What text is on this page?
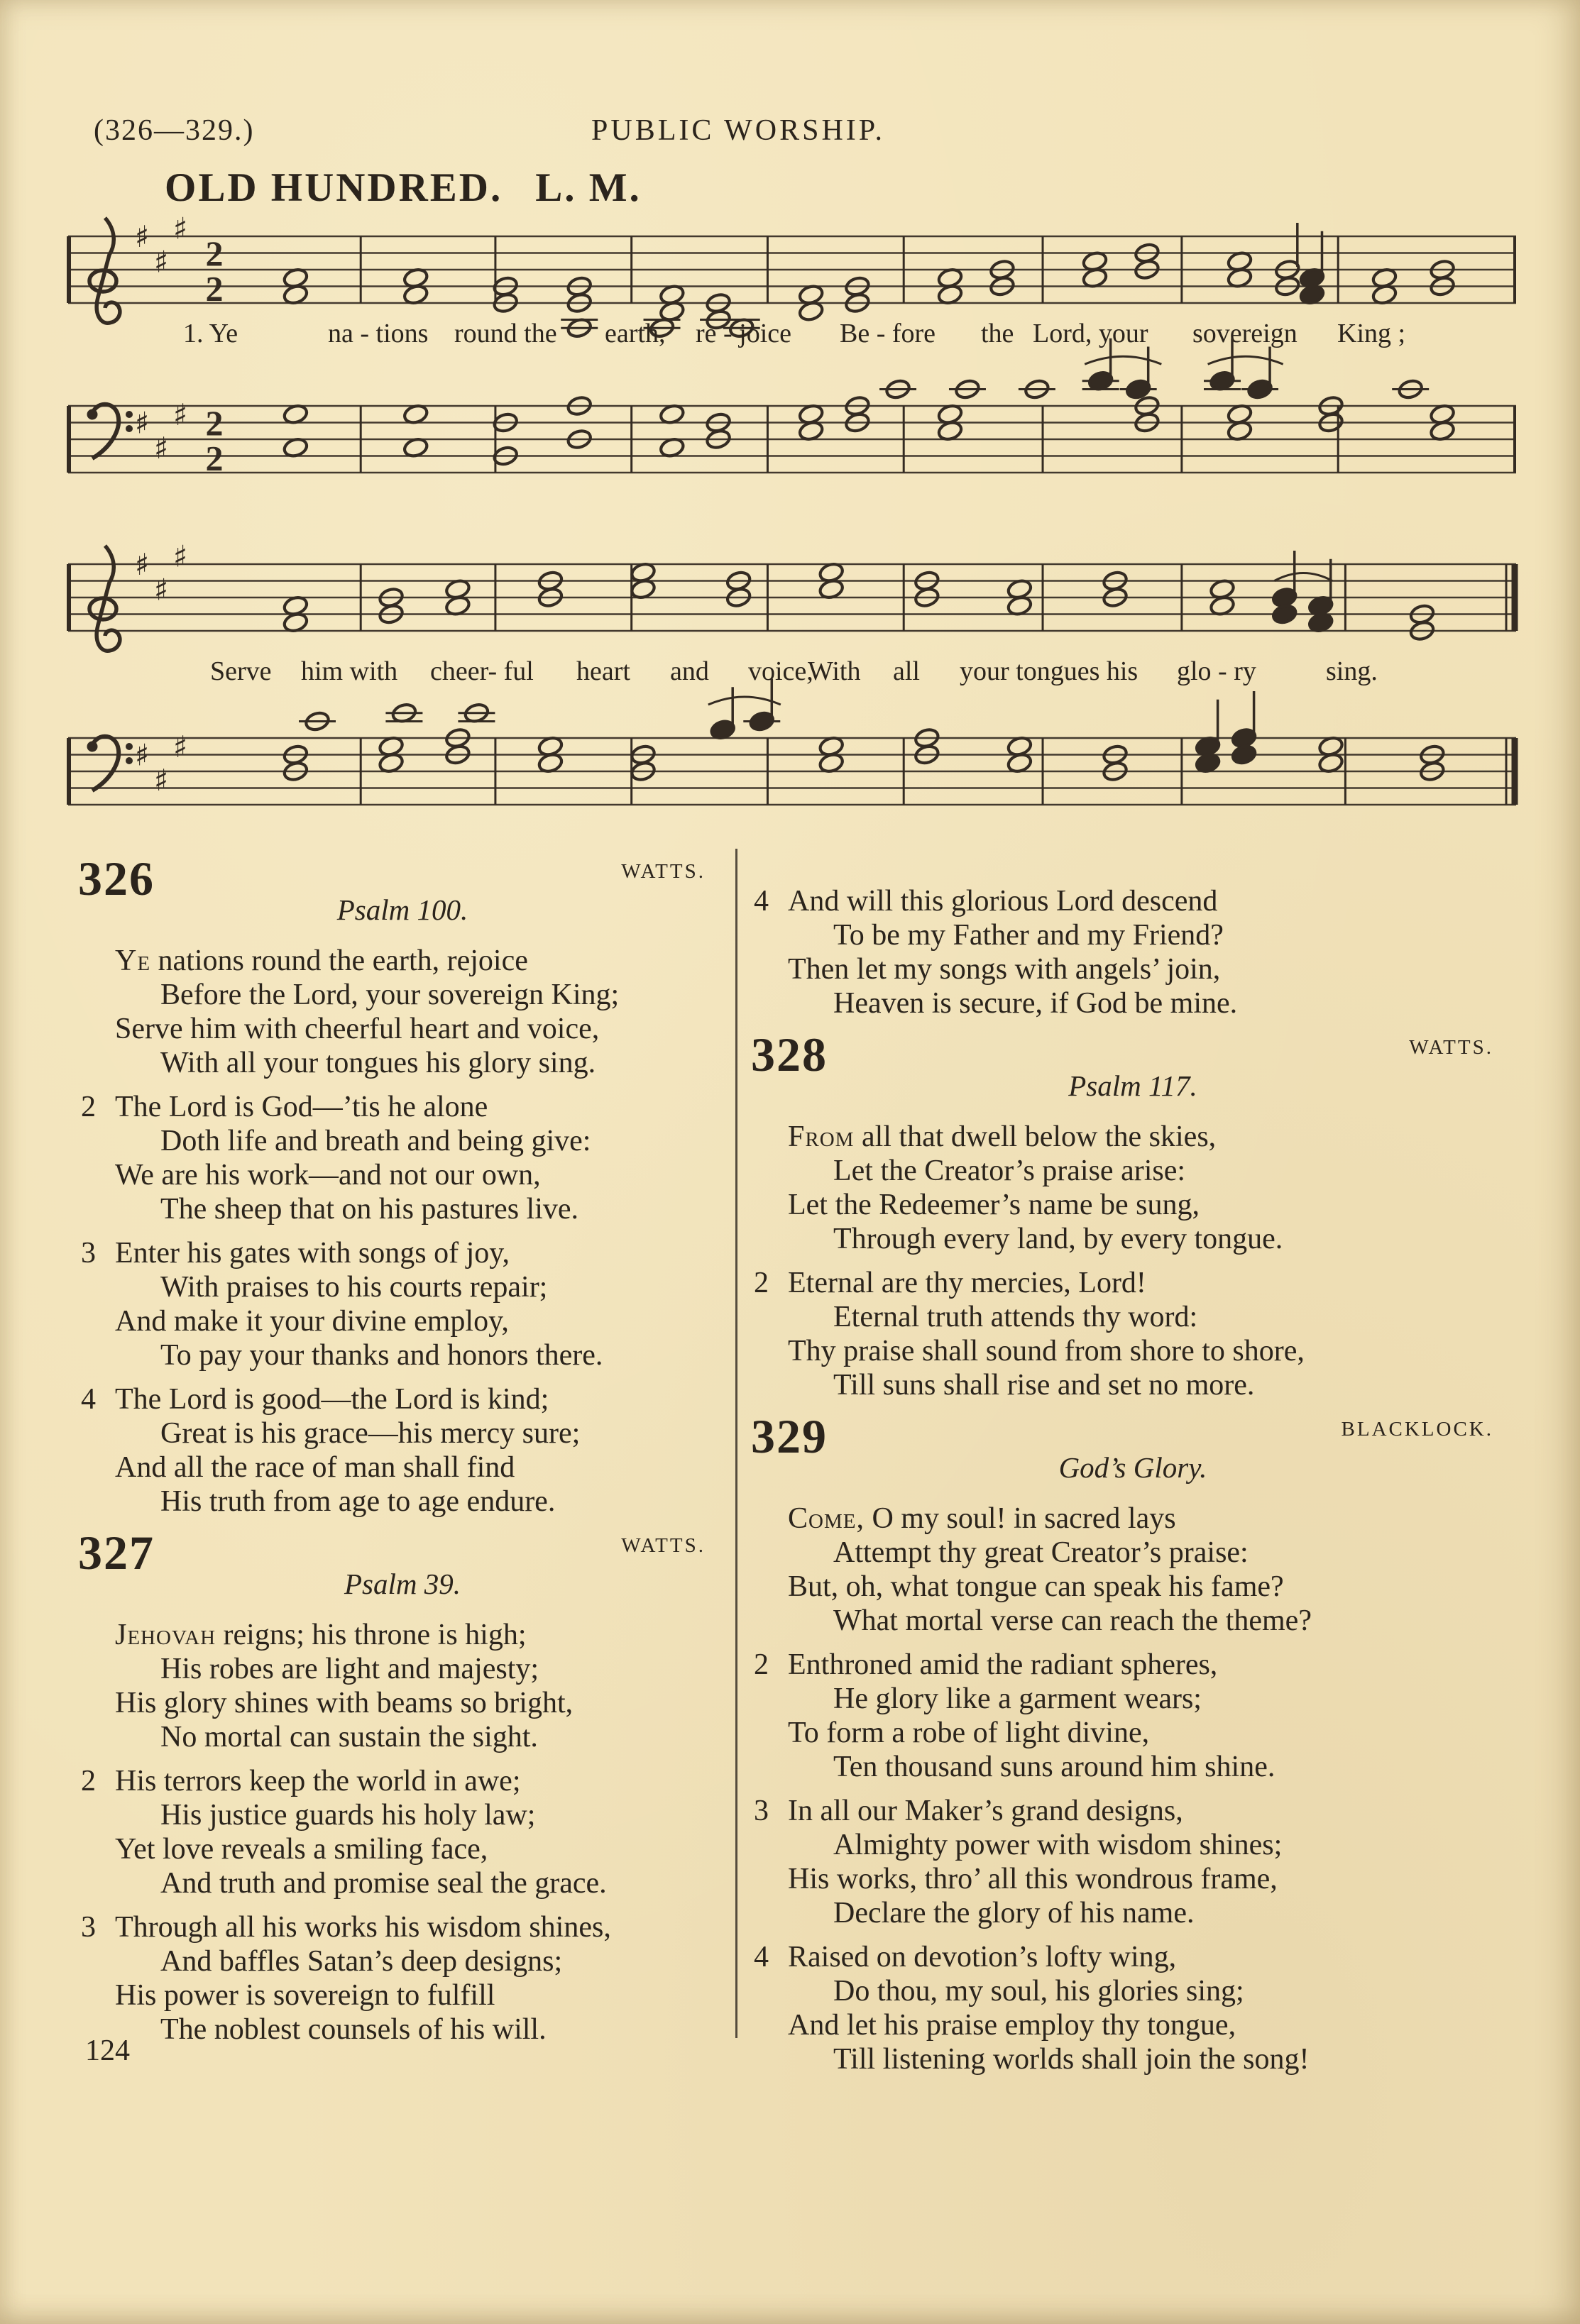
(326—329.)	PUBLIC WORSHIP.
OLD HUNDRED. L. M.
♯
♯
♯
2
2
1. Ye	na - tions round the earth, re - joice Be - fore the Lord, your sovereign King ;
♯
♯
♯ 2
2
♯
♯
♯
Serve him with cheer- ful heart and voice,
With all your tongues his glo - ry	sing.
♯
♯
♯
326	WATTS.
Psalm 100.
Ye nations round the earth, rejoice
Before the Lord, your sovereign King;
Serve him with cheerful heart and voice,
With all your tongues his glory sing.
2 The Lord is God—’tis he alone
Doth life and breath and being give:
We are his work—and not our own,
The sheep that on his pastures live.
3 Enter his gates with songs of joy,
With praises to his courts repair;
And make it your divine employ,
To pay your thanks and honors there.
4 The Lord is good—the Lord is kind;
Great is his grace—his mercy sure;
And all the race of man shall find
His truth from age to age endure.
327	WATTS.
Psalm 39.
Jehovah reigns; his throne is high;
His robes are light and majesty;
His glory shines with beams so bright,
No mortal can sustain the sight.
2 His terrors keep the world in awe;
His justice guards his holy law;
Yet love reveals a smiling face,
And truth and promise seal the grace.
3 Through all his works his wisdom shines,
And baffles Satan’s deep designs;
His power is sovereign to fulfill
The noblest counsels of his will.
4 And will this glorious Lord descend
To be my Father and my Friend?
Then let my songs with angels’ join,
Heaven is secure, if God be mine.
328	WATTS.
Psalm 117.
From all that dwell below the skies,
Let the Creator’s praise arise:
Let the Redeemer’s name be sung,
Through every land, by every tongue.
2 Eternal are thy mercies, Lord!
Eternal truth attends thy word:
Thy praise shall sound from shore to shore,
Till suns shall rise and set no more.
329	BLACKLOCK.
God’s Glory.
Come, O my soul! in sacred lays
Attempt thy great Creator’s praise:
But, oh, what tongue can speak his fame?
What mortal verse can reach the theme?
2 Enthroned amid the radiant spheres,
He glory like a garment wears;
To form a robe of light divine,
Ten thousand suns around him shine.
3 In all our Maker’s grand designs,
Almighty power with wisdom shines;
His works, thro’ all this wondrous frame,
Declare the glory of his name.
4 Raised on devotion’s lofty wing,
Do thou, my soul, his glories sing;
And let his praise employ thy tongue,
Till listening worlds shall join the song!
124
